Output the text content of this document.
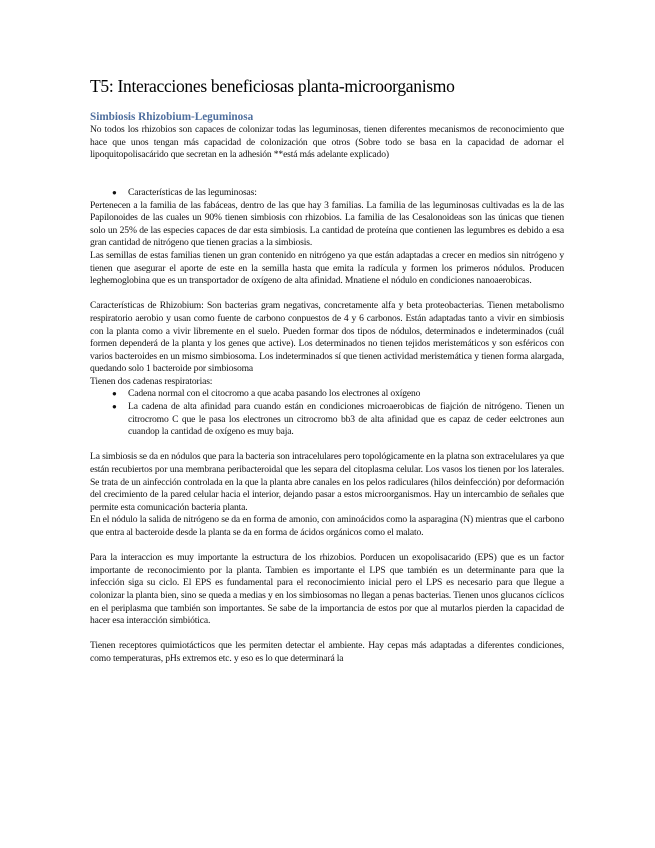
T5: Interacciones beneficiosas planta-microorganismo
Simbiosis Rhizobium-Leguminosa

No todos los rhizobios son capaces de colonizar todas las leguminosas, tienen diferentes mecanismos de reconocimiento que hace que unos tengan más capacidad de colonización que otros (Sobre todo se basa en la capacidad de adornar el lipoquitopolisacárido que secretan en la adhesión **está más adelante explicado)

● Características de las leguminosas:

Pertenecen a la familia de las fabáceas, dentro de las que hay 3 familias. La familia de las leguminosas cultivadas es la de las Papilonoides de las cuales un 90% tienen simbiosis con rhizobios. La familia de las Cesalonoideas son las únicas que tienen solo un 25% de las especies capaces de dar esta simbiosis. La cantidad de proteína que contienen las legumbres es debido a esa gran cantidad de nitrógeno que tienen gracias a la simbiosis.

Las semillas de estas familias tienen un gran contenido en nitrógeno ya que están adaptadas a crecer en medios sin nitrógeno y tienen que asegurar el aporte de este en la semilla hasta que emita la radícula y formen los primeros nódulos. Producen leghemoglobina que es un transportador de oxígeno de alta afinidad. Mnatiene el nódulo en condiciones nanoaerobicas.

Características de Rhizobium: Son bacterias gram negativas, concretamente alfa y beta proteobacterias. Tienen metabolismo respiratorio aerobio y usan como fuente de carbono conpuestos de 4 y 6 carbonos. Están adaptadas tanto a vivir en simbiosis con la planta como a vivir libremente en el suelo. Pueden formar dos tipos de nódulos, determinados e indeterminados (cuál formen dependerá de la planta y los genes que active). Los determinados no tienen tejidos meristemáticos y son esféricos con varios bacteroides en un mismo simbiosoma. Los indeterminados sí que tienen actividad meristemática y tienen forma alargada, quedando solo 1 bacteroide por simbiosoma

Tienen dos cadenas respiratorias:

● Cadena normal con el citocromo a que acaba pasando los electrones al oxígeno
● La cadena de alta afinidad para cuando están en condiciones microaerobicas de fiajción de nitrógeno. Tienen un citrocromo C que le pasa los electrones un citrocromo bb3 de alta afinidad que es capaz de ceder eelctrones aun cuandop la cantidad de oxígeno es muy baja.

La simbiosis se da en nódulos que para la bacteria son intracelulares pero topológicamente en la platna son extracelulares ya que están recubiertos por una membrana peribacteroidal que les separa del citoplasma celular. Los vasos los tienen por los laterales. Se trata de un ainfección controlada en la que la planta abre canales en los pelos radiculares (hilos deinfección) por deformación del crecimiento de la pared celular hacia el interior, dejando pasar a estos microorganismos. Hay un intercambio de señales que permite esta comunicación bacteria planta.

En el nódulo la salida de nitrógeno se da en forma de amonio, con aminoácidos como la asparagina (N) mientras que el carbono que entra al bacteroide desde la planta se da en forma de ácidos orgánicos como el malato.

Para la interaccion es muy importante la estructura de los rhizobios. Porducen un exopolisacarido (EPS) que es un factor importante de reconocimiento por la planta. Tambien es importante el LPS que también es un determinante para que la infección siga su ciclo. El EPS es fundamental para el reconocimiento inicial pero el LPS es necesario para que llegue a colonizar la planta bien, sino se queda a medias y en los simbiosomas no llegan a penas bacterias. Tienen unos glucanos cíclicos en el periplasma que también son importantes. Se sabe de la importancia de estos por que al mutarlos pierden la capacidad de hacer esa interacción simbiótica.

Tienen receptores quimiotácticos que les permiten detectar el ambiente. Hay cepas más adaptadas a diferentes condiciones, como temperaturas, pHs extremos etc. y eso es lo que determinará la
